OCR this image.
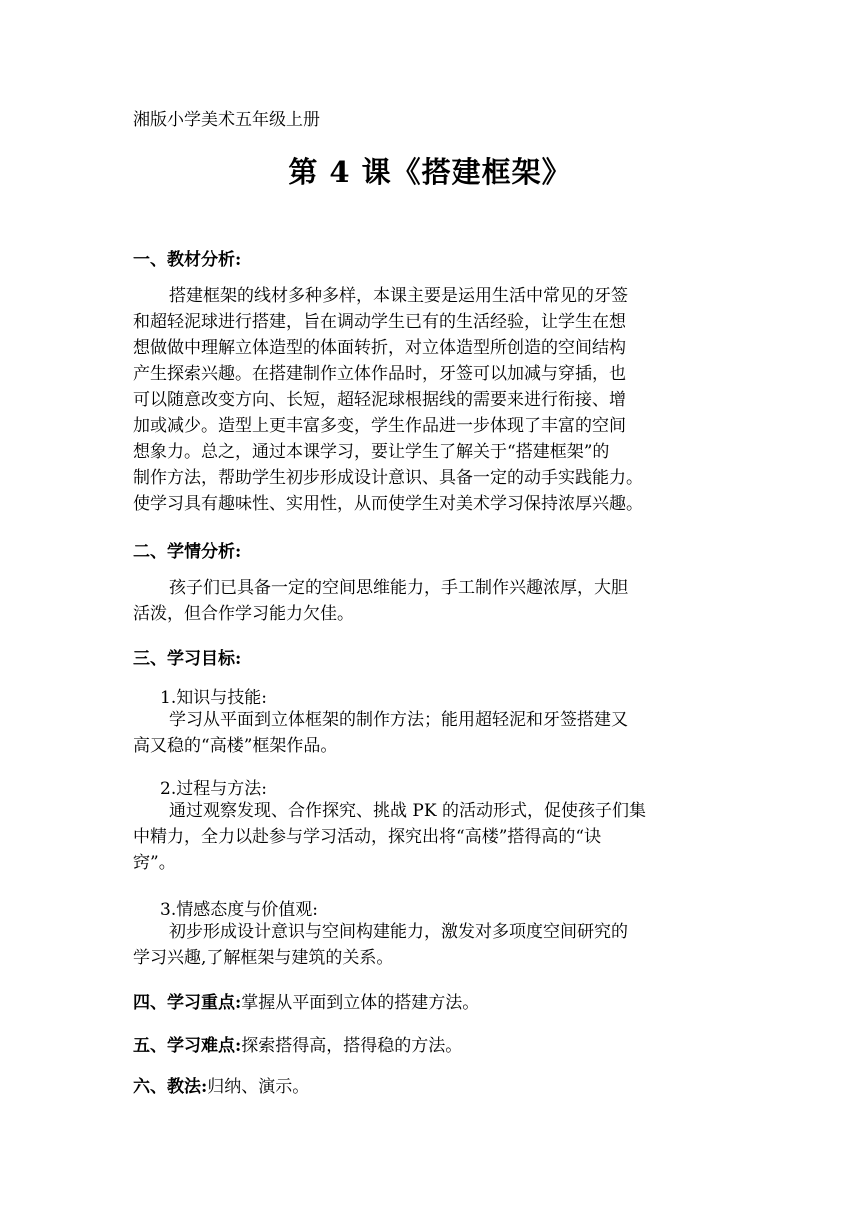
湘版小学美术五年级上册
第 4 课《搭建框架》
一、教材分析:
搭建框架的线材多种多样，本课主要是运用生活中常见的牙签
和超轻泥球进行搭建，旨在调动学生已有的生活经验，让学生在想
想做做中理解立体造型的体面转折，对立体造型所创造的空间结构
产生探索兴趣。在搭建制作立体作品时，牙签可以加减与穿插，也
可以随意改变方向、长短，超轻泥球根据线的需要来进行衔接、增
加或减少。造型上更丰富多变，学生作品进一步体现了丰富的空间
想象力。总之，通过本课学习，要让学生了解关于“搭建框架”的
制作方法，帮助学生初步形成设计意识、具备一定的动手实践能力。
使学习具有趣味性、实用性，从而使学生对美术学习保持浓厚兴趣。
二、学情分析:
孩子们已具备一定的空间思维能力，手工制作兴趣浓厚，大胆
活泼，但合作学习能力欠佳。
三、学习目标:
1.知识与技能:
学习从平面到立体框架的制作方法；能用超轻泥和牙签搭建又
高又稳的“高楼”框架作品。
2.过程与方法:
通过观察发现、合作探究、挑战 PK 的活动形式，促使孩子们集
中精力，全力以赴参与学习活动，探究出将“高楼”搭得高的“诀
窍”。
3.情感态度与价值观:
初步形成设计意识与空间构建能力，激发对多项度空间研究的
学习兴趣,了解框架与建筑的关系。
四、学习重点:掌握从平面到立体的搭建方法。
五、学习难点:探索搭得高，搭得稳的方法。
六、教法:归纳、演示。
